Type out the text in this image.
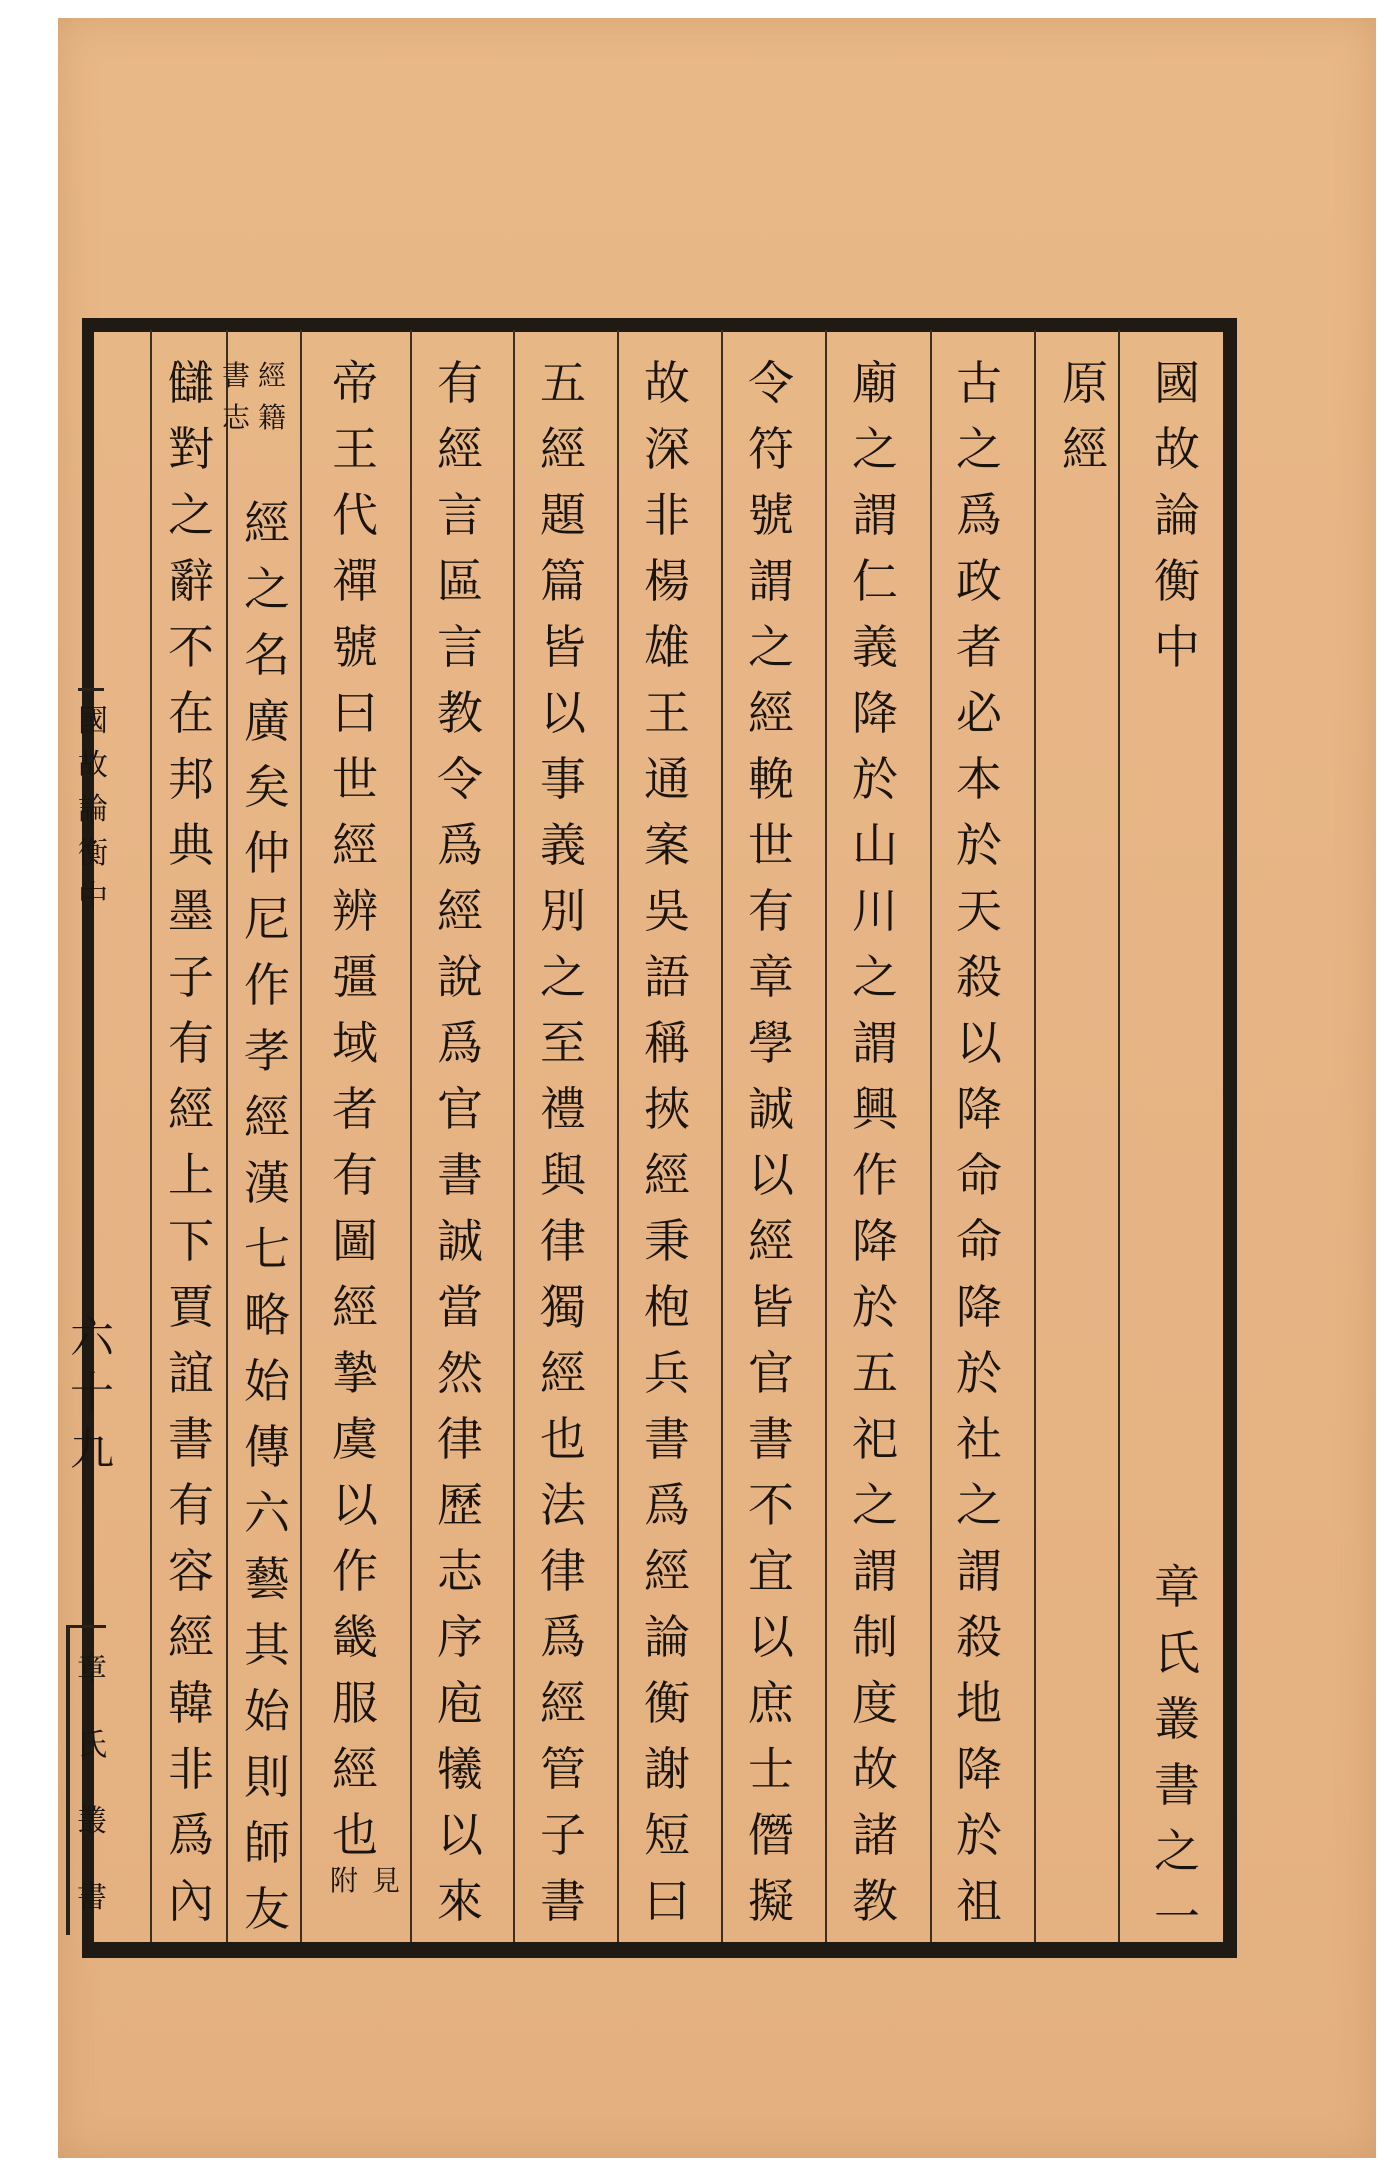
國
故
論
衡
中
章
氏
叢
書
之
一
原
經
古
之
爲
政
者
必
本
於
天
殺
以
降
命
命
降
於
社
之
謂
殺
地
降
於
祖
廟
之
謂
仁
義
降
於
山
川
之
謂
興
作
降
於
五
祀
之
謂
制
度
故
諸
教
令
符
號
謂
之
經
輓
世
有
章
學
誠
以
經
皆
官
書
不
宜
以
庶
士
僭
擬
故
深
非
楊
雄
王
通
案
吳
語
稱
挾
經
秉
枹
兵
書
爲
經
論
衡
謝
短
曰
五
經
題
篇
皆
以
事
義
別
之
至
禮
與
律
獨
經
也
法
律
爲
經
管
子
書
有
經
言
區
言
教
令
爲
經
說
爲
官
書
誠
當
然
律
歷
志
序
庖
犧
以
來
帝
王
代
禪
號
曰
世
經
辨
彊
域
者
有
圖
經
摯
虞
以
作
畿
服
經
也
見
附
經
籍
書
志
經
之
名
廣
矣
仲
尼
作
孝
經
漢
七
略
始
傳
六
藝
其
始
則
師
友
讎
對
之
辭
不
在
邦
典
墨
子
有
經
上
下
賈
誼
書
有
容
經
韓
非
爲
內
國
故
論
衡
中
六
十
九
章
氏
叢
書
